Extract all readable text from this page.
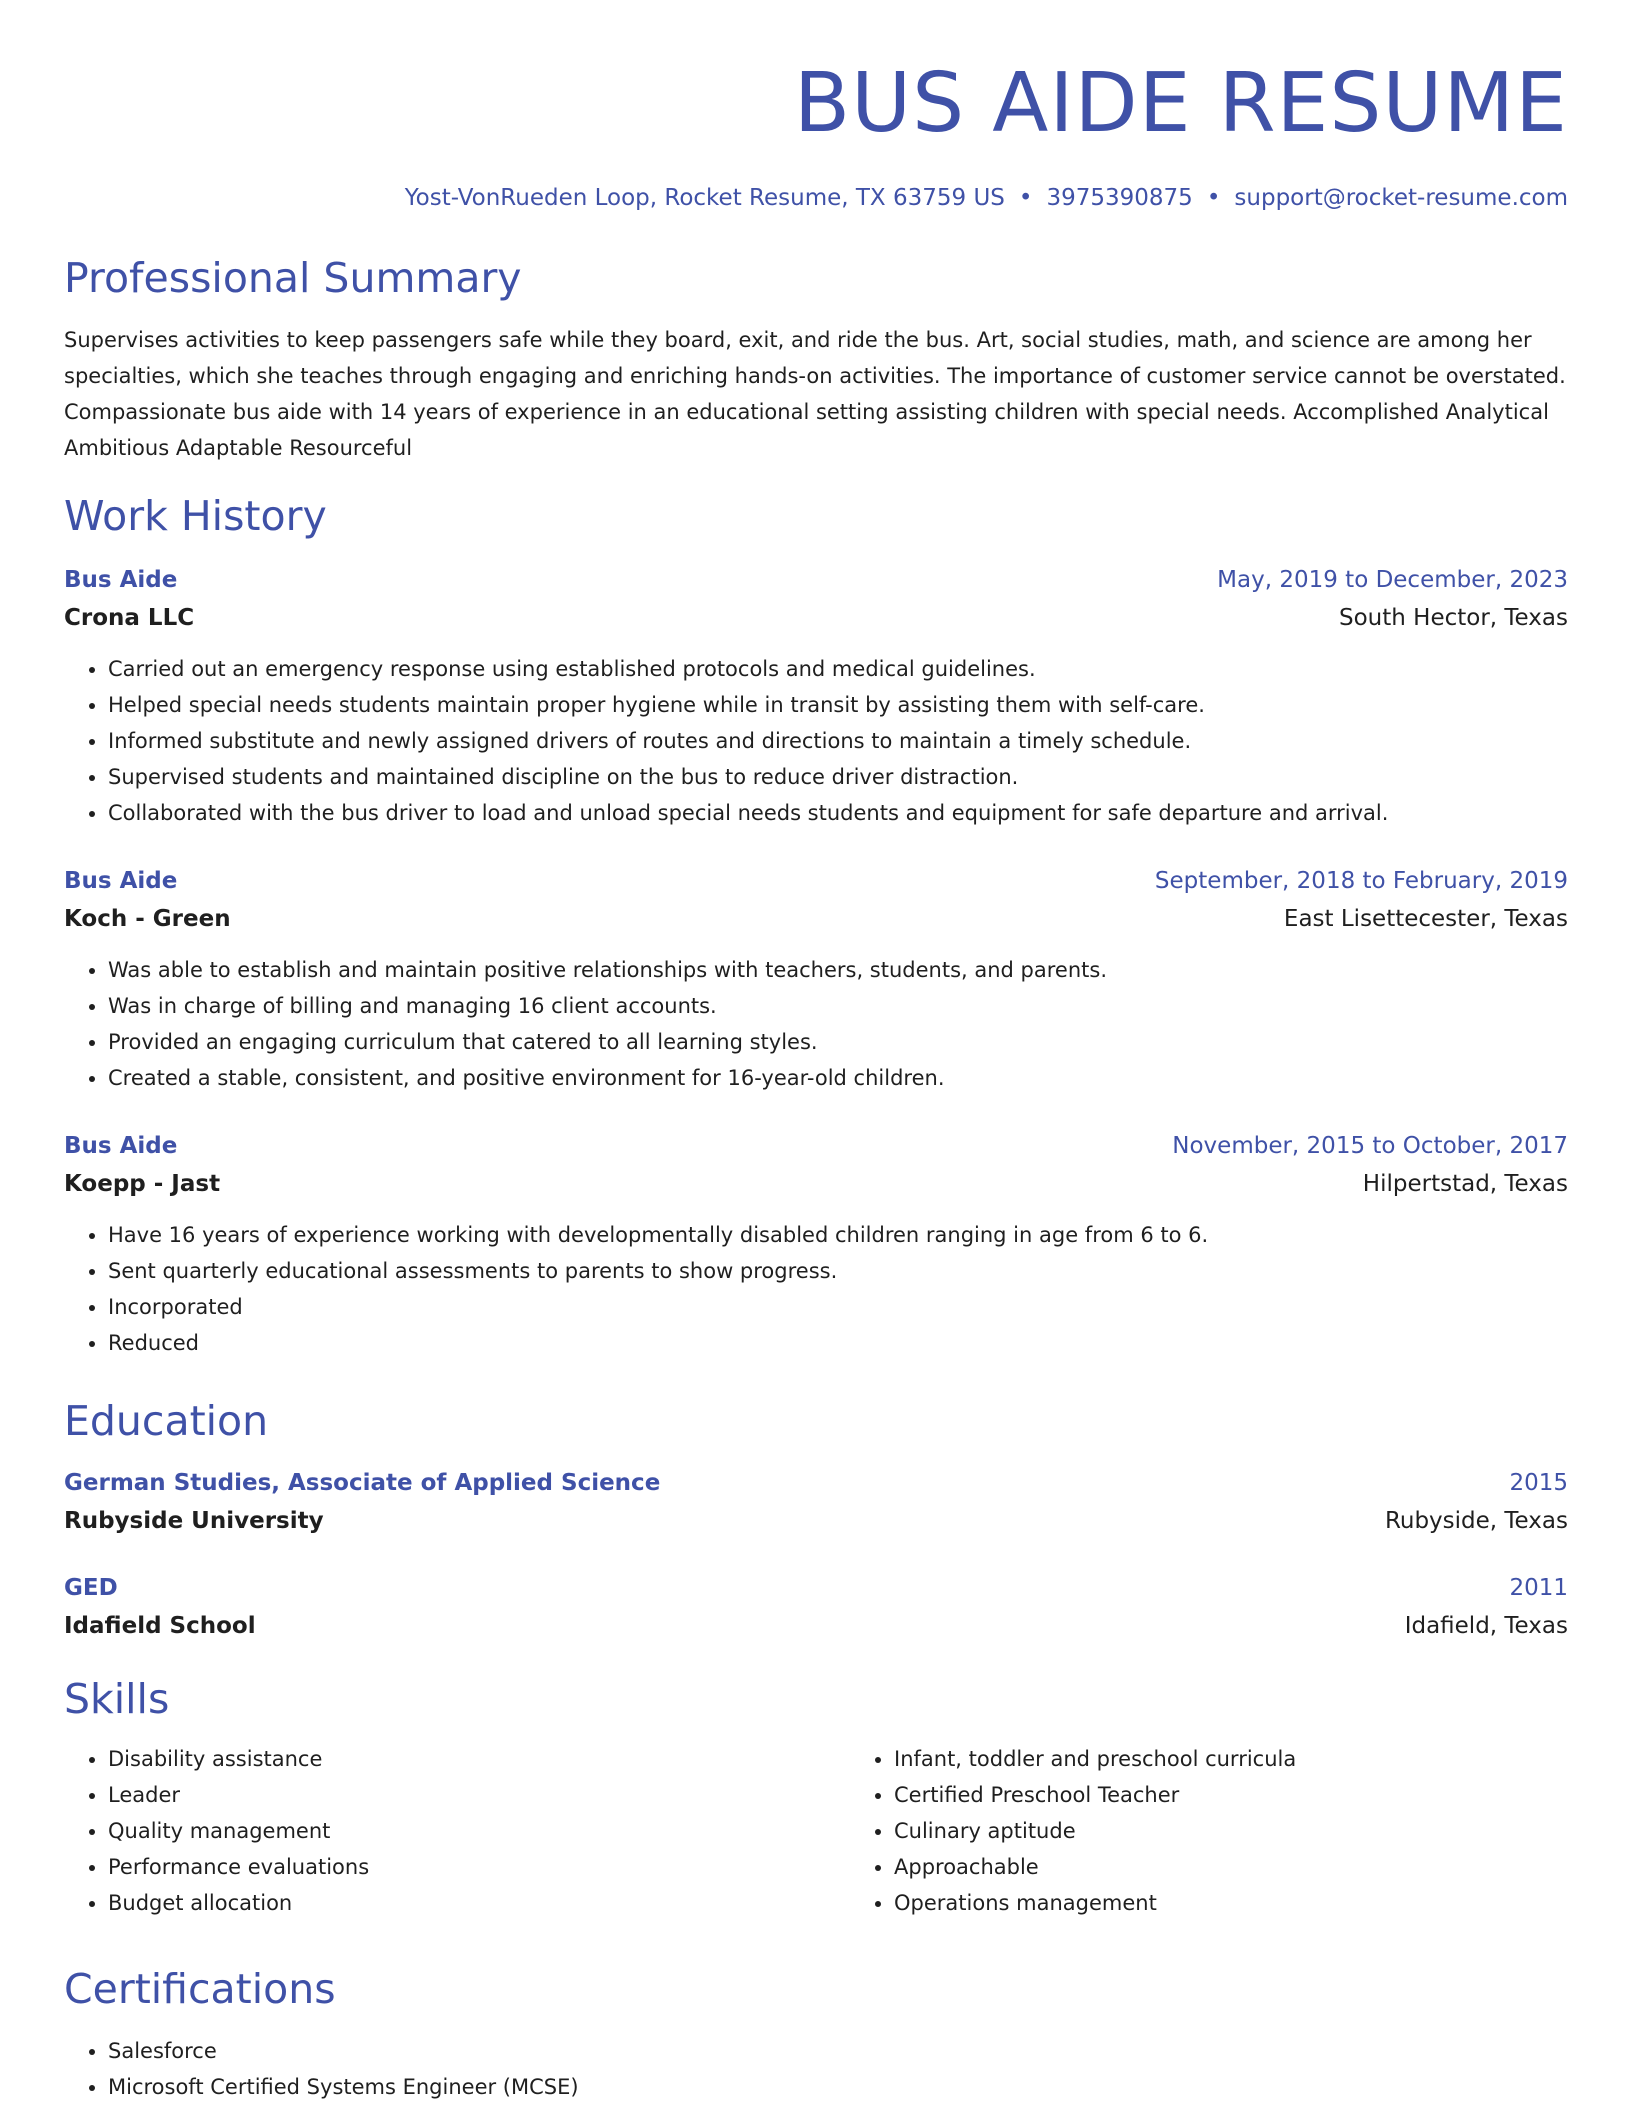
BUS AIDE RESUME
Yost-VonRueden Loop, Rocket Resume, TX 63759 US • 3975390875 • support@rocket-resume.com
Professional Summary
Supervises activities to keep passengers safe while they board, exit, and ride the bus. Art, social studies, math, and science are among her specialties, which she teaches through engaging and enriching hands-on activities. The importance of customer service cannot be overstated. Compassionate bus aide with 14 years of experience in an educational setting assisting children with special needs. Accomplished Analytical Ambitious Adaptable Resourceful
Work History
Bus Aide	May, 2019 to December, 2023
Crona LLC	South Hector, Texas
• Carried out an emergency response using established protocols and medical guidelines.
• Helped special needs students maintain proper hygiene while in transit by assisting them with self-care.
• Informed substitute and newly assigned drivers of routes and directions to maintain a timely schedule.
• Supervised students and maintained discipline on the bus to reduce driver distraction.
• Collaborated with the bus driver to load and unload special needs students and equipment for safe departure and arrival.
Bus Aide	September, 2018 to February, 2019
Koch - Green	East Lisettecester, Texas
• Was able to establish and maintain positive relationships with teachers, students, and parents.
• Was in charge of billing and managing 16 client accounts.
• Provided an engaging curriculum that catered to all learning styles.
• Created a stable, consistent, and positive environment for 16-year-old children.
Bus Aide	November, 2015 to October, 2017
Koepp - Jast	Hilpertstad, Texas
• Have 16 years of experience working with developmentally disabled children ranging in age from 6 to 6.
• Sent quarterly educational assessments to parents to show progress.
• Incorporated
• Reduced
Education
German Studies, Associate of Applied Science	2015
Rubyside University	Rubyside, Texas
GED	2011
Idafield School	Idafield, Texas
Skills
• Disability assistance
• Leader
• Quality management
• Performance evaluations
• Budget allocation
• Infant, toddler and preschool curricula
• Certified Preschool Teacher
• Culinary aptitude
• Approachable
• Operations management
Certifications
• Salesforce
• Microsoft Certified Systems Engineer (MCSE)
